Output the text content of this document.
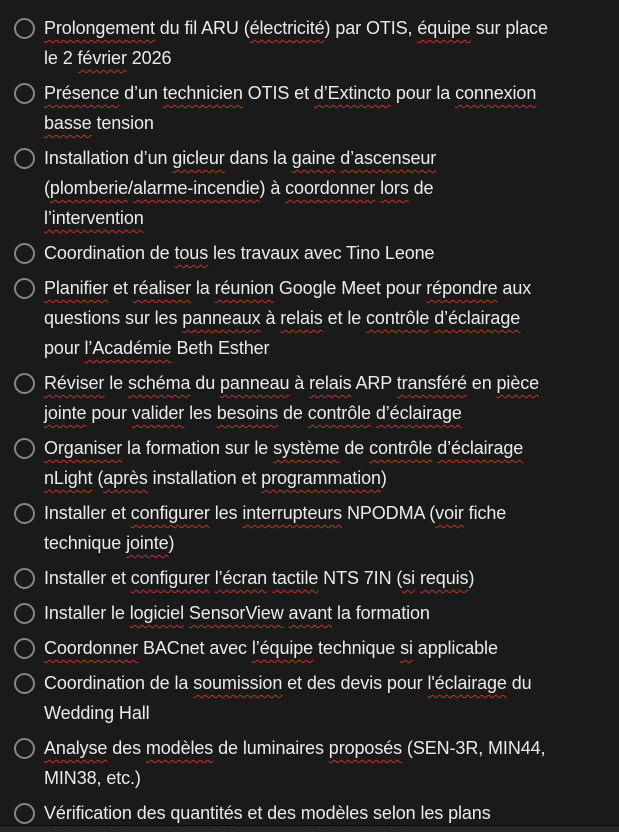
Prolongement du fil ARU (électricité) par OTIS, équipe sur place
le 2 février 2026
Présence d’un technicien OTIS et d’Extincto pour la connexion
basse tension
Installation d’un gicleur dans la gaine d’ascenseur
(plomberie/alarme-incendie) à coordonner lors de
l’intervention
Coordination de tous les travaux avec Tino Leone
Planifier et réaliser la réunion Google Meet pour répondre aux
questions sur les panneaux à relais et le contrôle d’éclairage
pour l’Académie Beth Esther
Réviser le schéma du panneau à relais ARP transféré en pièce
jointe pour valider les besoins de contrôle d’éclairage
Organiser la formation sur le système de contrôle d’éclairage
nLight (après installation et programmation)
Installer et configurer les interrupteurs NPODMA (voir fiche
technique jointe)
Installer et configurer l’écran tactile NTS 7IN (si requis)
Installer le logiciel SensorView avant la formation
Coordonner BACnet avec l’équipe technique si applicable
Coordination de la soumission et des devis pour l'éclairage du
Wedding Hall
Analyse des modèles de luminaires proposés (SEN-3R, MIN44,
MIN38, etc.)
Vérification des quantités et des modèles selon les plans
